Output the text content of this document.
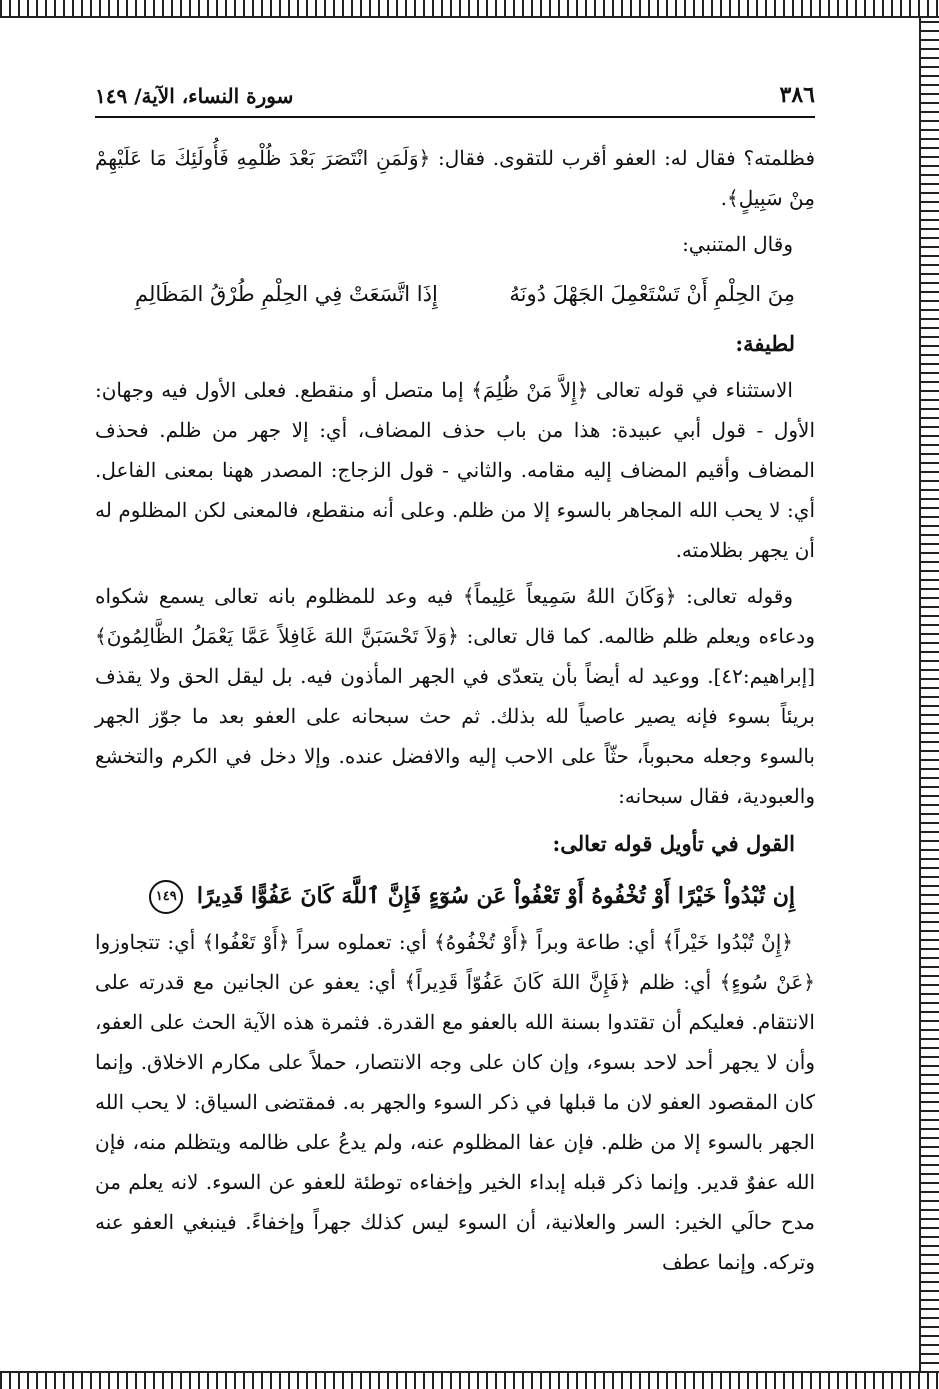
٣٨٦
سورة النساء، الآية/ ١٤٩

فظلمته؟ فقال له: العفو أقرب للتقوى. فقال: ﴿وَلَمَنِ انْتَصَرَ بَعْدَ ظُلْمِهِ فَأُولَئِكَ مَا عَلَيْهِمْ مِنْ سَبِيلٍ﴾.

وقال المتنبي:

مِنَ الحِلْمِ أَنْ تَسْتَعْمِلَ الجَهْلَ دُونَهُ
إِذَا اتَّسَعَتْ فِي الحِلْمِ طُرْقُ المَظَالِمِ
لطيفة:

الاستثناء في قوله تعالى ﴿إِلاَّ مَنْ ظُلِمَ﴾ إما متصل أو منقطع. فعلى الأول فيه وجهان: الأول - قول أبي عبيدة: هذا من باب حذف المضاف، أي: إلا جهر من ظلم. فحذف المضاف وأقيم المضاف إليه مقامه. والثاني - قول الزجاج: المصدر ههنا بمعنى الفاعل. أي: لا يحب الله المجاهر بالسوء إلا من ظلم. وعلى أنه منقطع، فالمعنى لكن المظلوم له أن يجهر بظلامته.

وقوله تعالى: ﴿وَكَانَ اللهُ سَمِيعاً عَلِيماً﴾ فيه وعد للمظلوم بانه تعالى يسمع شكواه ودعاءه ويعلم ظلم ظالمه. كما قال تعالى: ﴿وَلاَ تَحْسَبَنَّ اللهَ غَافِلاً عَمَّا يَعْمَلُ الظَّالِمُونَ﴾ [إبراهيم:٤٢]. ووعيد له أيضاً بأن يتعدّى في الجهر المأذون فيه. بل ليقل الحق ولا يقذف بريئاً بسوء فإنه يصير عاصياً لله بذلك. ثم حث سبحانه على العفو بعد ما جوّز الجهر بالسوء وجعله محبوباً، حثّاً على الاحب إليه والافضل عنده. وإلا دخل في الكرم والتخشع والعبودية، فقال سبحانه:

القول في تأويل قوله تعالى:
إِن تُبْدُواْ خَيْرًا أَوْ تُخْفُوهُ أَوْ تَعْفُواْ عَن سُوٓءٍ فَإِنَّ ٱللَّهَ كَانَ عَفُوًّا قَدِيرًا ١٤٩

﴿إِنْ تُبْدُوا خَيْراً﴾ أي: طاعة وبراً ﴿أَوْ تُخْفُوهُ﴾ أي: تعملوه سراً ﴿أَوْ تَعْفُوا﴾ أي: تتجاوزوا ﴿عَنْ سُوءٍ﴾ أي: ظلم ﴿فَإِنَّ اللهَ كَانَ عَفُوّاً قَدِيراً﴾ أي: يعفو عن الجانين مع قدرته على الانتقام. فعليكم أن تقتدوا بسنة الله بالعفو مع القدرة. فثمرة هذه الآية الحث على العفو، وأن لا يجهر أحد لاحد بسوء، وإن كان على وجه الانتصار، حملاً على مكارم الاخلاق. وإنما كان المقصود العفو لان ما قبلها في ذكر السوء والجهر به. فمقتضى السياق: لا يحب الله الجهر بالسوء إلا من ظلم. فإن عفا المظلوم عنه، ولم يدعُ على ظالمه ويتظلم منه، فإن الله عفوٌ قدير. وإنما ذكر قبله إبداء الخير وإخفاءه توطئة للعفو عن السوء. لانه يعلم من مدح حالَي الخير: السر والعلانية، أن السوء ليس كذلك جهراً وإخفاءً. فينبغي العفو عنه وتركه. وإنما عطف
